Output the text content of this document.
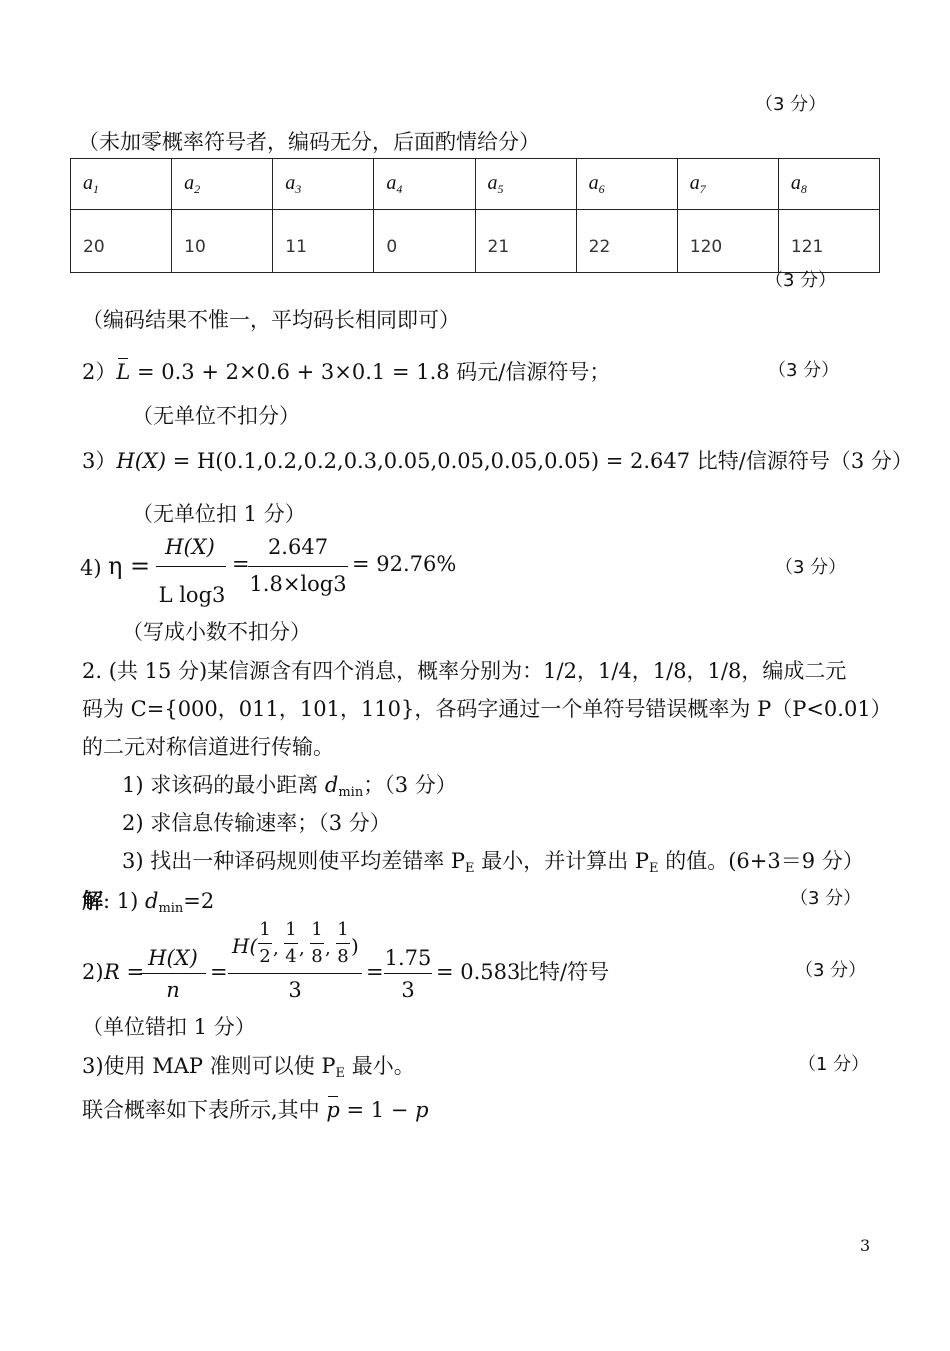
（3 分）
（未加零概率符号者，编码无分，后面酌情给分）
$a_1$	$a_2$	$a_3$	$a_4$	$a_5$	$a_6$	$a_7$	$a_8$
20	10	11	0	21	22	120	121
（3 分）
（编码结果不惟一，平均码长相同即可）
2）L = 0.3 + 2×0.6 + 3×0.1 = 1.8 码元/信源符号；	（3 分）
（无单位不扣分）
3）H(X) = H(0.1,0.2,0.2,0.3,0.05,0.05,0.05,0.05) = 2.647 比特/信源符号（3 分）
（无单位扣 1 分）
4) η =
H(X)
L log3
=
2.647
1.8×log3
= 92.76%	（3 分）
（写成小数不扣分）
2. (共 15 分)某信源含有四个消息，概率分别为：1/2，1/4，1/8，1/8，编成二元
码为 C={000，011，101，110}，各码字通过一个单符号错误概率为 P（P<0.01）
的二元对称信道进行传输。
1) 求该码的最小距离 dmin；（3 分）
2) 求信息传输速率；（3 分）
3) 找出一种译码规则使平均差错率 PE 最小，并计算出 PE 的值。(6+3＝9 分）
解: 1) dmin=2	（3 分）
2) R =
H(X)
n
=
H(
1
2 ,
1
4 ,
1
8 ,
1
8 )
3
=
1.75
3
= 0.583
比特/符号	（3 分）
（单位错扣 1 分）
3)使用 MAP 准则可以使 PE 最小。	（1 分）
联合概率如下表所示,其中 p = 1 − p
3
